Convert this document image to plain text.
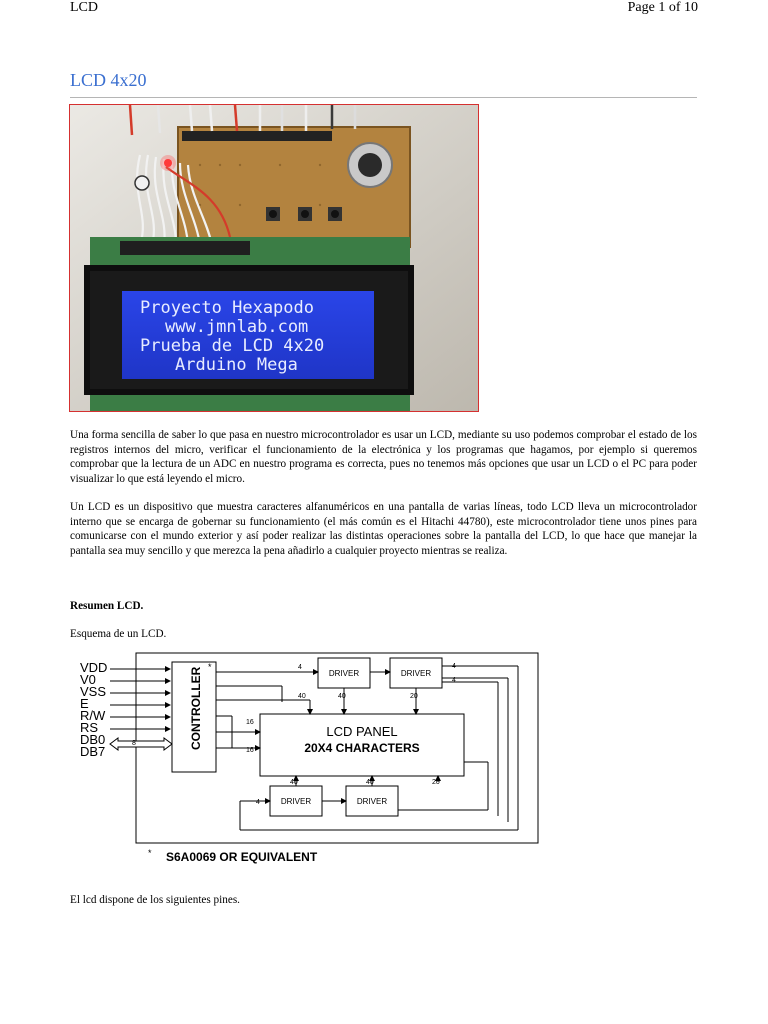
LCD	Page 1 of 10
LCD 4x20
Proyecto Hexapodo
www.jmnlab.com
Prueba de LCD 4x20
Arduino Mega
Una forma sencilla de saber lo que pasa en nuestro microcontrolador es usar un LCD, mediante su uso podemos comprobar el estado de los registros internos del micro, verificar el funcionamiento de la electrónica y los programas que hagamos, por ejemplo si queremos comprobar que la lectura de un ADC en nuestro programa es correcta, pues no tenemos más opciones que usar un LCD o el PC para poder visualizar lo que está leyendo el micro.
Un LCD es un dispositivo que muestra caracteres alfanuméricos en una pantalla de varias líneas, todo LCD lleva un microcontrolador interno que se encarga de gobernar su funcionamiento (el más común es el Hitachi 44780), este microcontrolador tiene unos pines para comunicarse con el mundo exterior y así poder realizar las distintas operaciones sobre la pantalla del LCD, lo que hace que manejar la pantalla sea muy sencillo y que merezca la pena añadirlo a cualquier proyecto mientras se realiza.
Resumen LCD.
Esquema de un LCD.
VDD
V0
VSS
E
R/W
RS
DB0
DB7
8	CONTROLLER *
DRIVER	DRIVER
LCD PANEL
20X4 CHARACTERS
DRIVER	DRIVER
4
40	40	20
4
4
16
16
40	40	20
4
* S6A0069 OR EQUIVALENT
El lcd dispone de los siguientes pines.
